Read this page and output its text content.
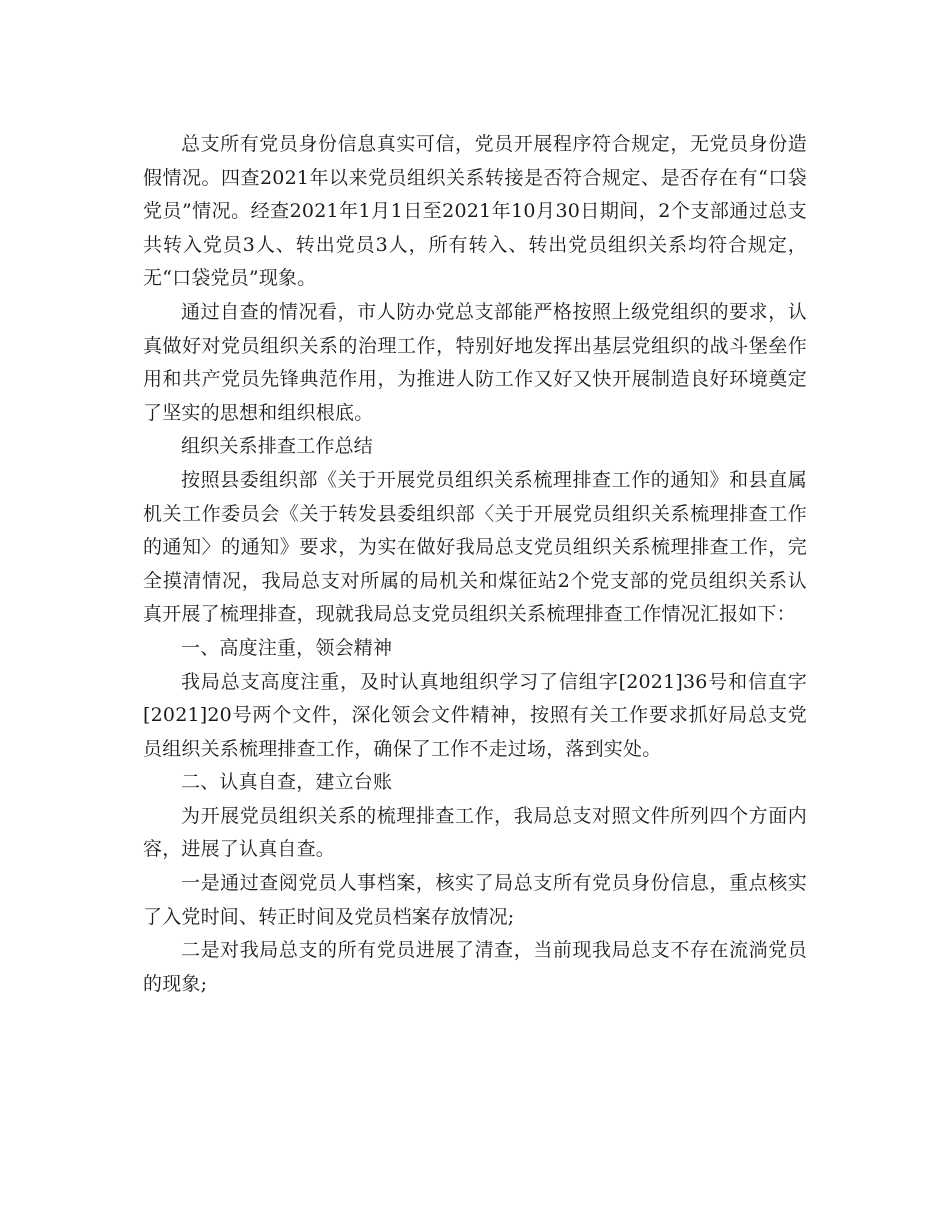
总支所有党员身份信息真实可信，党员开展程序符合规定，无党员身份造假情况。四查2021年以来党员组织关系转接是否符合规定、是否存在有“口袋党员”情况。经查2021年1月1日至2021年10月30日期间，2个支部通过总支共转入党员3人、转出党员3人，所有转入、转出党员组织关系均符合规定，无“口袋党员”现象。

通过自查的情况看，市人防办党总支部能严格按照上级党组织的要求，认真做好对党员组织关系的治理工作，特别好地发挥出基层党组织的战斗堡垒作用和共产党员先锋典范作用，为推进人防工作又好又快开展制造良好环境奠定了坚实的思想和组织根底。

组织关系排查工作总结

按照县委组织部《关于开展党员组织关系梳理排查工作的通知》和县直属机关工作委员会《关于转发县委组织部〈关于开展党员组织关系梳理排查工作的通知〉的通知》要求，为实在做好我局总支党员组织关系梳理排查工作，完全摸清情况，我局总支对所属的局机关和煤征站2个党支部的党员组织关系认真开展了梳理排查，现就我局总支党员组织关系梳理排查工作情况汇报如下：

一、高度注重，领会精神

我局总支高度注重，及时认真地组织学习了信组字[2021]36号和信直字[2021]20号两个文件，深化领会文件精神，按照有关工作要求抓好局总支党员组织关系梳理排查工作，确保了工作不走过场，落到实处。

二、认真自查，建立台账

为开展党员组织关系的梳理排查工作，我局总支对照文件所列四个方面内容，进展了认真自查。

一是通过查阅党员人事档案，核实了局总支所有党员身份信息，重点核实了入党时间、转正时间及党员档案存放情况;

二是对我局总支的所有党员进展了清查，当前现我局总支不存在流淌党员的现象;
